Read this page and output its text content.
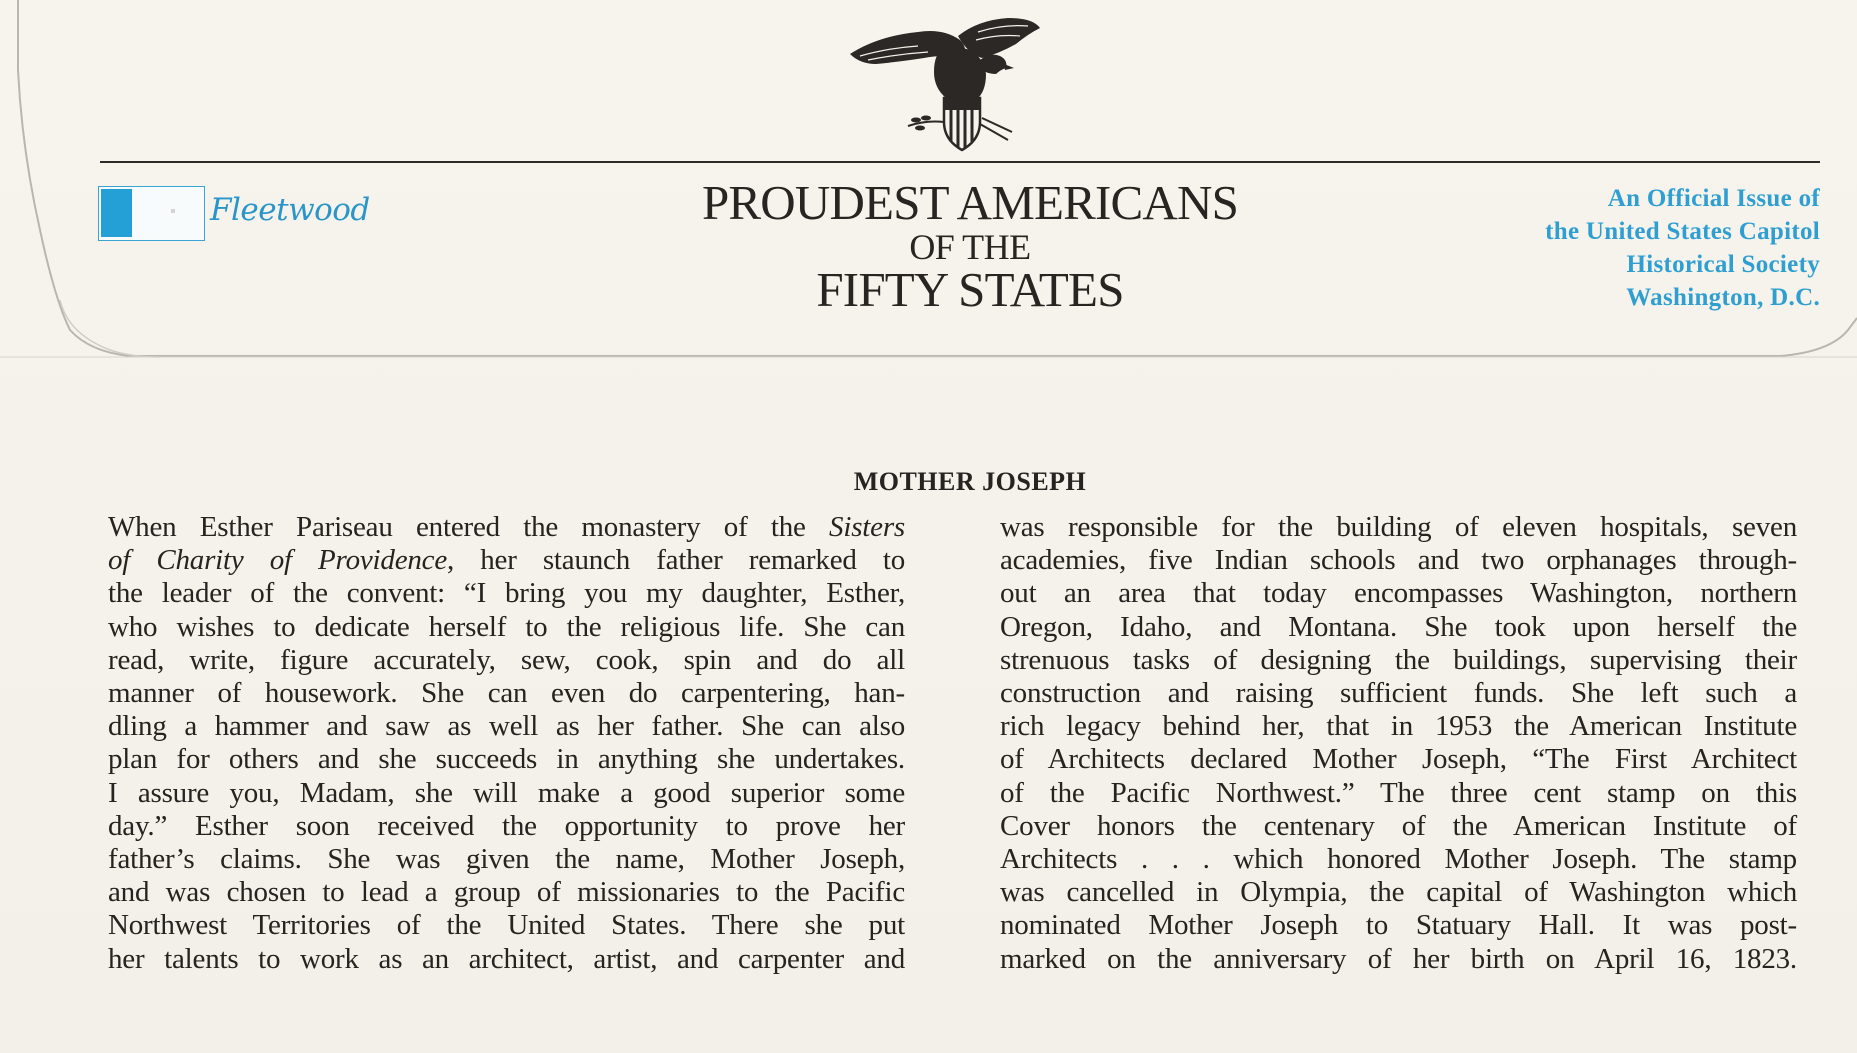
Fleetwood	PROUDEST AMERICANS
OF THE
FIFTY STATES
An Official Issue of
the United States Capitol
Historical Society
Washington, D.C.
MOTHER JOSEPH
When Esther Pariseau entered the monastery of the Sisters
of Charity of Providence, her staunch father remarked to
the leader of the convent: “I bring you my daughter, Esther,
who wishes to dedicate herself to the religious life. She can
read, write, figure accurately, sew, cook, spin and do all
manner of housework. She can even do carpentering, han-
dling a hammer and saw as well as her father. She can also
plan for others and she succeeds in anything she undertakes.
I assure you, Madam, she will make a good superior some
day.” Esther soon received the opportunity to prove her
father’s claims. She was given the name, Mother Joseph,
and was chosen to lead a group of missionaries to the Pacific
Northwest Territories of the United States. There she put
her talents to work as an architect, artist, and carpenter and
was responsible for the building of eleven hospitals, seven
academies, five Indian schools and two orphanages through-
out an area that today encompasses Washington, northern
Oregon, Idaho, and Montana. She took upon herself the
strenuous tasks of designing the buildings, supervising their
construction and raising sufficient funds. She left such a
rich legacy behind her, that in 1953 the American Institute
of Architects declared Mother Joseph, “The First Architect
of the Pacific Northwest.” The three cent stamp on this
Cover honors the centenary of the American Institute of
Architects . . . which honored Mother Joseph. The stamp
was cancelled in Olympia, the capital of Washington which
nominated Mother Joseph to Statuary Hall. It was post-
marked on the anniversary of her birth on April 16, 1823.
